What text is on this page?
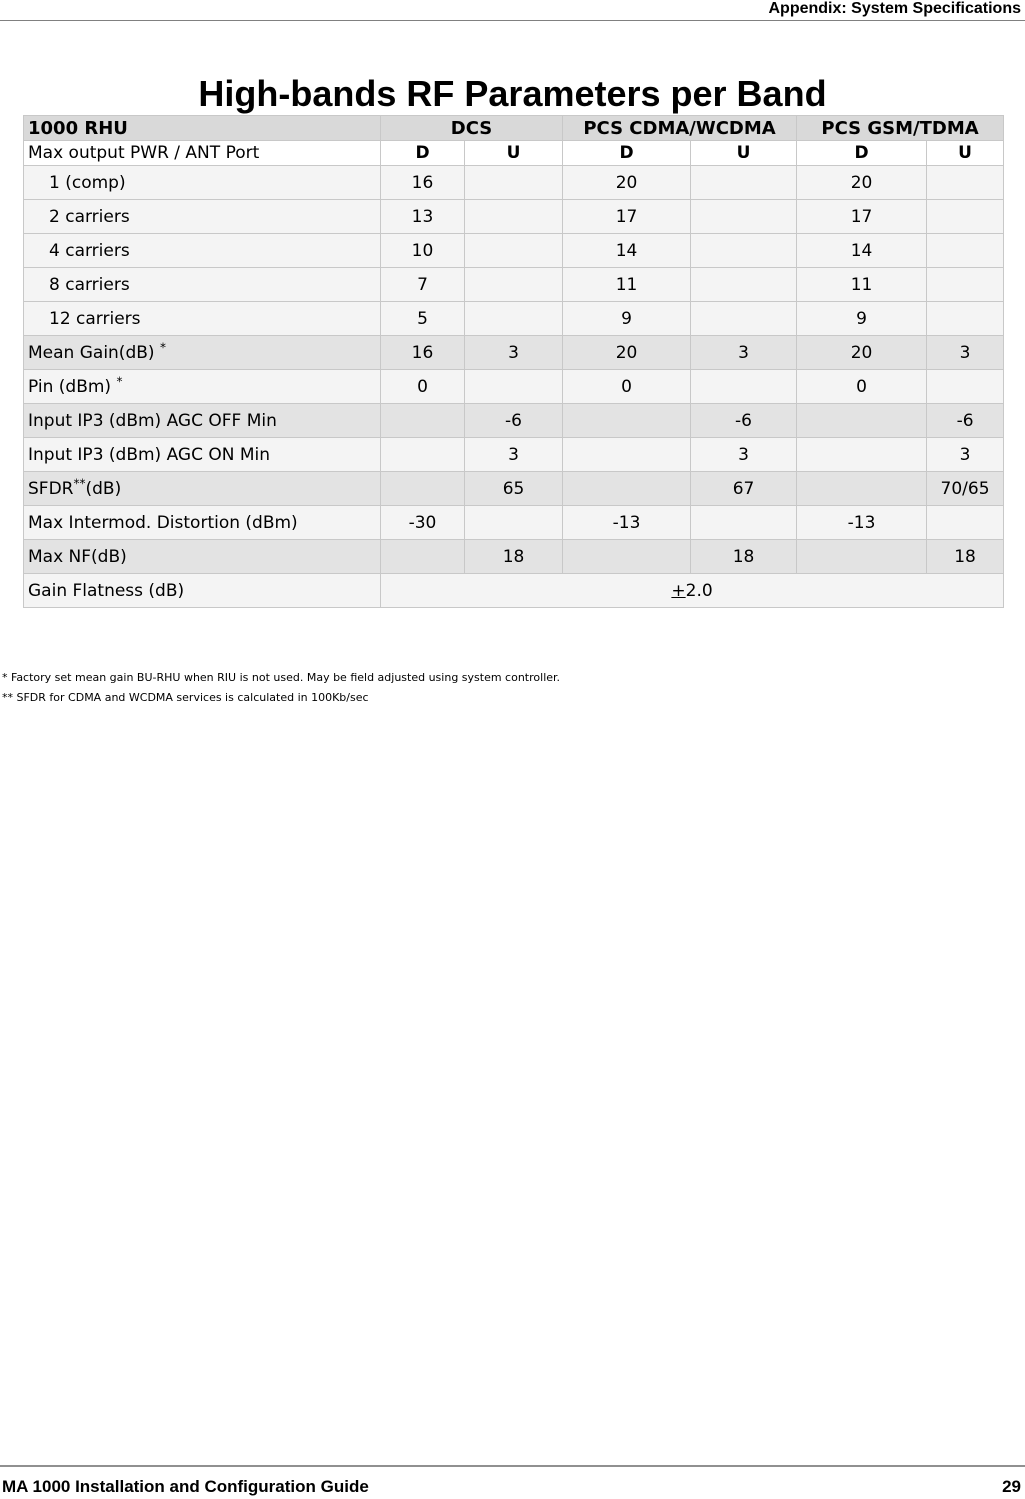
Appendix: System Specifications
High-bands RF Parameters per Band
1000 RHU	DCS		PCS CDMA/WCDMA		PCS GSM/TDMA	
Max output PWR / ANT Port	D	U	D	U	D	U
1 (comp)	16		20		20	
2 carriers	13		17		17	
4 carriers	10		14		14	
8 carriers	7		11		11	
12 carriers	5		9		9	
Mean Gain(dB) *	16	3	20	3	20	3
Pin (dBm) *	0		0		0	
Input IP3 (dBm) AGC OFF Min		-6		-6		-6
Input IP3 (dBm) AGC ON Min		3		3		3
SFDR**(dB)		65		67		70/65
Max Intermod. Distortion (dBm)	-30		-13		-13	
Max NF(dB)		18		18		18
Gain Flatness (dB)	+2.0					
* Factory set mean gain BU-RHU when RIU is not used. May be field adjusted using system controller.
** SFDR for CDMA and WCDMA services is calculated in 100Kb/sec
MA 1000 Installation and Configuration Guide	29
